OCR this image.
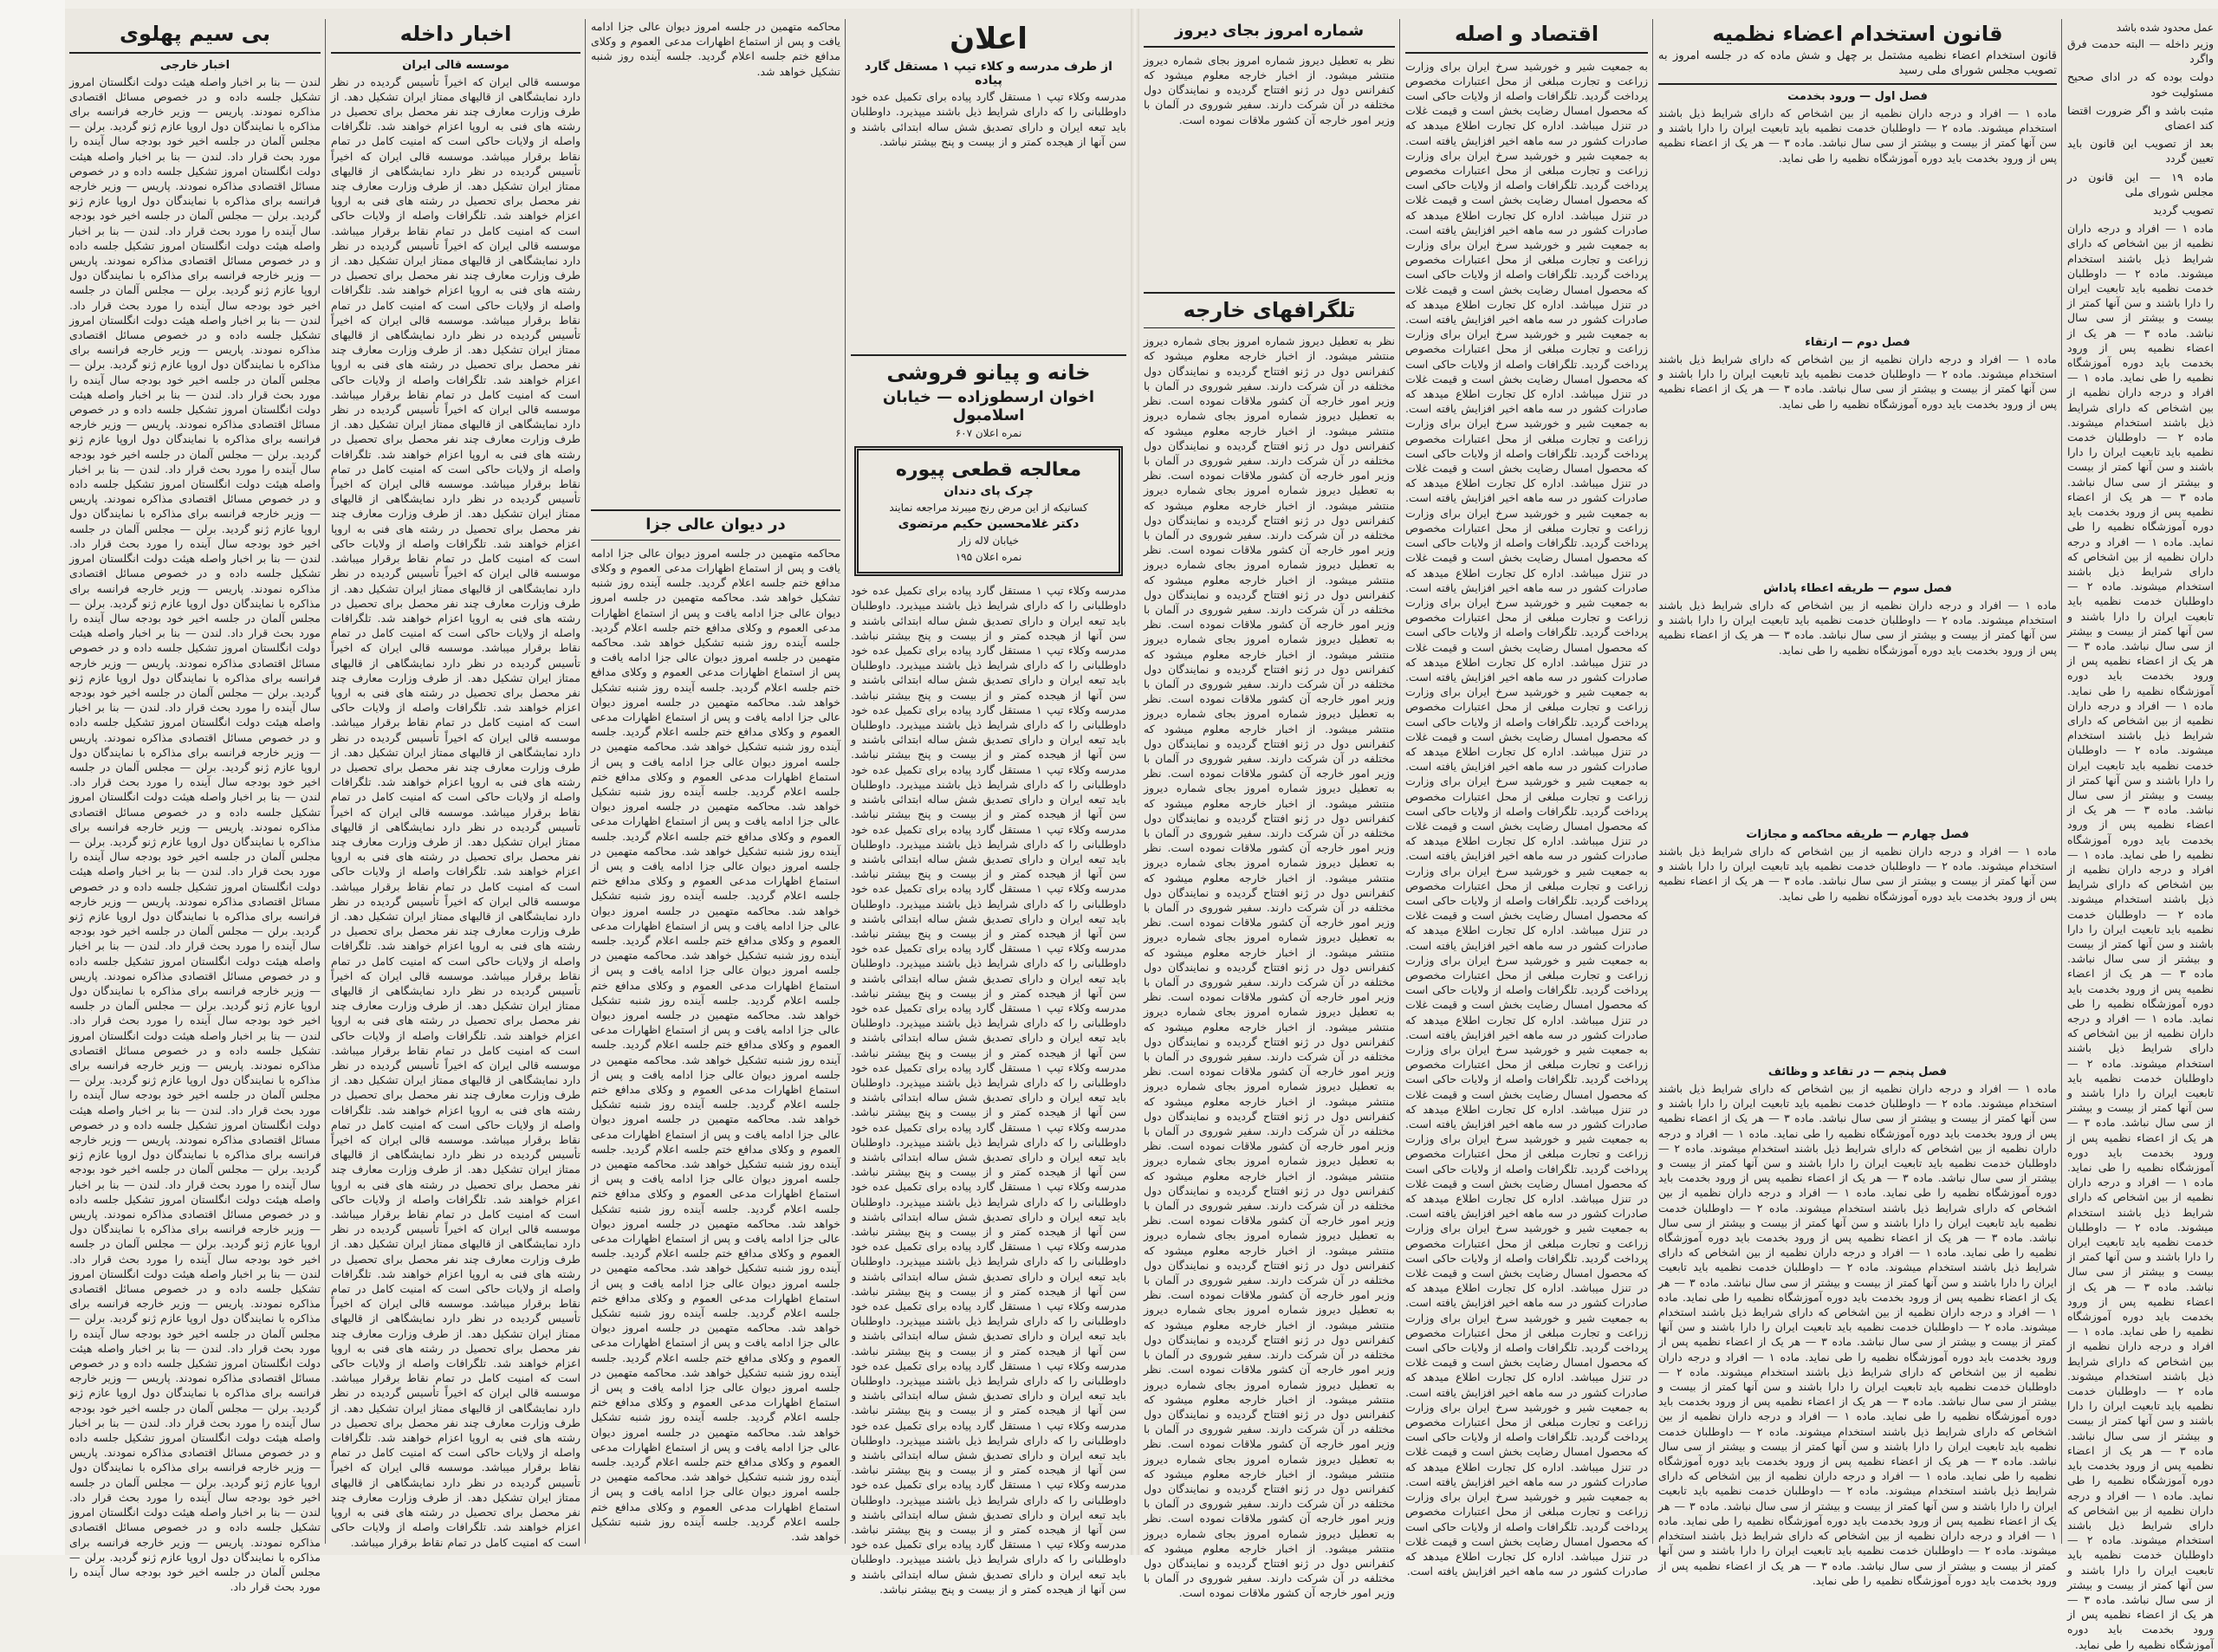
بی سیم پهلوی
اخبار خارجی
لندن — بنا بر اخبار واصله هیئت دولت انگلستان امروز تشکیل جلسه داده و در خصوص مسائل اقتصادی مذاکره نمودند. پاریس — وزیر خارجه فرانسه برای مذاکره با نمایندگان دول اروپا عازم ژنو گردید. برلن — مجلس آلمان در جلسه اخیر خود بودجه سال آینده را مورد بحث قرار داد. لندن — بنا بر اخبار واصله هیئت دولت انگلستان امروز تشکیل جلسه داده و در خصوص مسائل اقتصادی مذاکره نمودند. پاریس — وزیر خارجه فرانسه برای مذاکره با نمایندگان دول اروپا عازم ژنو گردید. برلن — مجلس آلمان در جلسه اخیر خود بودجه سال آینده را مورد بحث قرار داد. لندن — بنا بر اخبار واصله هیئت دولت انگلستان امروز تشکیل جلسه داده و در خصوص مسائل اقتصادی مذاکره نمودند. پاریس — وزیر خارجه فرانسه برای مذاکره با نمایندگان دول اروپا عازم ژنو گردید. برلن — مجلس آلمان در جلسه اخیر خود بودجه سال آینده را مورد بحث قرار داد. لندن — بنا بر اخبار واصله هیئت دولت انگلستان امروز تشکیل جلسه داده و در خصوص مسائل اقتصادی مذاکره نمودند. پاریس — وزیر خارجه فرانسه برای مذاکره با نمایندگان دول اروپا عازم ژنو گردید. برلن — مجلس آلمان در جلسه اخیر خود بودجه سال آینده را مورد بحث قرار داد. لندن — بنا بر اخبار واصله هیئت دولت انگلستان امروز تشکیل جلسه داده و در خصوص مسائل اقتصادی مذاکره نمودند. پاریس — وزیر خارجه فرانسه برای مذاکره با نمایندگان دول اروپا عازم ژنو گردید. برلن — مجلس آلمان در جلسه اخیر خود بودجه سال آینده را مورد بحث قرار داد. لندن — بنا بر اخبار واصله هیئت دولت انگلستان امروز تشکیل جلسه داده و در خصوص مسائل اقتصادی مذاکره نمودند. پاریس — وزیر خارجه فرانسه برای مذاکره با نمایندگان دول اروپا عازم ژنو گردید. برلن — مجلس آلمان در جلسه اخیر خود بودجه سال آینده را مورد بحث قرار داد. لندن — بنا بر اخبار واصله هیئت دولت انگلستان امروز تشکیل جلسه داده و در خصوص مسائل اقتصادی مذاکره نمودند. پاریس — وزیر خارجه فرانسه برای مذاکره با نمایندگان دول اروپا عازم ژنو گردید. برلن — مجلس آلمان در جلسه اخیر خود بودجه سال آینده را مورد بحث قرار داد. لندن — بنا بر اخبار واصله هیئت دولت انگلستان امروز تشکیل جلسه داده و در خصوص مسائل اقتصادی مذاکره نمودند. پاریس — وزیر خارجه فرانسه برای مذاکره با نمایندگان دول اروپا عازم ژنو گردید. برلن — مجلس آلمان در جلسه اخیر خود بودجه سال آینده را مورد بحث قرار داد. لندن — بنا بر اخبار واصله هیئت دولت انگلستان امروز تشکیل جلسه داده و در خصوص مسائل اقتصادی مذاکره نمودند. پاریس — وزیر خارجه فرانسه برای مذاکره با نمایندگان دول اروپا عازم ژنو گردید. برلن — مجلس آلمان در جلسه اخیر خود بودجه سال آینده را مورد بحث قرار داد. لندن — بنا بر اخبار واصله هیئت دولت انگلستان امروز تشکیل جلسه داده و در خصوص مسائل اقتصادی مذاکره نمودند. پاریس — وزیر خارجه فرانسه برای مذاکره با نمایندگان دول اروپا عازم ژنو گردید. برلن — مجلس آلمان در جلسه اخیر خود بودجه سال آینده را مورد بحث قرار داد. لندن — بنا بر اخبار واصله هیئت دولت انگلستان امروز تشکیل جلسه داده و در خصوص مسائل اقتصادی مذاکره نمودند. پاریس — وزیر خارجه فرانسه برای مذاکره با نمایندگان دول اروپا عازم ژنو گردید. برلن — مجلس آلمان در جلسه اخیر خود بودجه سال آینده را مورد بحث قرار داد. لندن — بنا بر اخبار واصله هیئت دولت انگلستان امروز تشکیل جلسه داده و در خصوص مسائل اقتصادی مذاکره نمودند. پاریس — وزیر خارجه فرانسه برای مذاکره با نمایندگان دول اروپا عازم ژنو گردید. برلن — مجلس آلمان در جلسه اخیر خود بودجه سال آینده را مورد بحث قرار داد. لندن — بنا بر اخبار واصله هیئت دولت انگلستان امروز تشکیل جلسه داده و در خصوص مسائل اقتصادی مذاکره نمودند. پاریس — وزیر خارجه فرانسه برای مذاکره با نمایندگان دول اروپا عازم ژنو گردید. برلن — مجلس آلمان در جلسه اخیر خود بودجه سال آینده را مورد بحث قرار داد. لندن — بنا بر اخبار واصله هیئت دولت انگلستان امروز تشکیل جلسه داده و در خصوص مسائل اقتصادی مذاکره نمودند. پاریس — وزیر خارجه فرانسه برای مذاکره با نمایندگان دول اروپا عازم ژنو گردید. برلن — مجلس آلمان در جلسه اخیر خود بودجه سال آینده را مورد بحث قرار داد. لندن — بنا بر اخبار واصله هیئت دولت انگلستان امروز تشکیل جلسه داده و در خصوص مسائل اقتصادی مذاکره نمودند. پاریس — وزیر خارجه فرانسه برای مذاکره با نمایندگان دول اروپا عازم ژنو گردید. برلن — مجلس آلمان در جلسه اخیر خود بودجه سال آینده را مورد بحث قرار داد. لندن — بنا بر اخبار واصله هیئت دولت انگلستان امروز تشکیل جلسه داده و در خصوص مسائل اقتصادی مذاکره نمودند. پاریس — وزیر خارجه فرانسه برای مذاکره با نمایندگان دول اروپا عازم ژنو گردید. برلن — مجلس آلمان در جلسه اخیر خود بودجه سال آینده را مورد بحث قرار داد. لندن — بنا بر اخبار واصله هیئت دولت انگلستان امروز تشکیل جلسه داده و در خصوص مسائل اقتصادی مذاکره نمودند. پاریس — وزیر خارجه فرانسه برای مذاکره با نمایندگان دول اروپا عازم ژنو گردید. برلن — مجلس آلمان در جلسه اخیر خود بودجه سال آینده را مورد بحث قرار داد. لندن — بنا بر اخبار واصله هیئت دولت انگلستان امروز تشکیل جلسه داده و در خصوص مسائل اقتصادی مذاکره نمودند. پاریس — وزیر خارجه فرانسه برای مذاکره با نمایندگان دول اروپا عازم ژنو گردید. برلن — مجلس آلمان در جلسه اخیر خود بودجه سال آینده را مورد بحث قرار داد. لندن — بنا بر اخبار واصله هیئت دولت انگلستان امروز تشکیل جلسه داده و در خصوص مسائل اقتصادی مذاکره نمودند. پاریس — وزیر خارجه فرانسه برای مذاکره با نمایندگان دول اروپا عازم ژنو گردید. برلن — مجلس آلمان در جلسه اخیر خود بودجه سال آینده را مورد بحث قرار داد.
اخبار داخله
موسسه قالی ایران
موسسه قالی ایران که اخیراً تأسیس گردیده در نظر دارد نمایشگاهی از قالیهای ممتاز ایران تشکیل دهد. از طرف وزارت معارف چند نفر محصل برای تحصیل در رشته های فنی به اروپا اعزام خواهند شد. تلگرافات واصله از ولایات حاکی است که امنیت کامل در تمام نقاط برقرار میباشد. موسسه قالی ایران که اخیراً تأسیس گردیده در نظر دارد نمایشگاهی از قالیهای ممتاز ایران تشکیل دهد. از طرف وزارت معارف چند نفر محصل برای تحصیل در رشته های فنی به اروپا اعزام خواهند شد. تلگرافات واصله از ولایات حاکی است که امنیت کامل در تمام نقاط برقرار میباشد. موسسه قالی ایران که اخیراً تأسیس گردیده در نظر دارد نمایشگاهی از قالیهای ممتاز ایران تشکیل دهد. از طرف وزارت معارف چند نفر محصل برای تحصیل در رشته های فنی به اروپا اعزام خواهند شد. تلگرافات واصله از ولایات حاکی است که امنیت کامل در تمام نقاط برقرار میباشد. موسسه قالی ایران که اخیراً تأسیس گردیده در نظر دارد نمایشگاهی از قالیهای ممتاز ایران تشکیل دهد. از طرف وزارت معارف چند نفر محصل برای تحصیل در رشته های فنی به اروپا اعزام خواهند شد. تلگرافات واصله از ولایات حاکی است که امنیت کامل در تمام نقاط برقرار میباشد. موسسه قالی ایران که اخیراً تأسیس گردیده در نظر دارد نمایشگاهی از قالیهای ممتاز ایران تشکیل دهد. از طرف وزارت معارف چند نفر محصل برای تحصیل در رشته های فنی به اروپا اعزام خواهند شد. تلگرافات واصله از ولایات حاکی است که امنیت کامل در تمام نقاط برقرار میباشد. موسسه قالی ایران که اخیراً تأسیس گردیده در نظر دارد نمایشگاهی از قالیهای ممتاز ایران تشکیل دهد. از طرف وزارت معارف چند نفر محصل برای تحصیل در رشته های فنی به اروپا اعزام خواهند شد. تلگرافات واصله از ولایات حاکی است که امنیت کامل در تمام نقاط برقرار میباشد. موسسه قالی ایران که اخیراً تأسیس گردیده در نظر دارد نمایشگاهی از قالیهای ممتاز ایران تشکیل دهد. از طرف وزارت معارف چند نفر محصل برای تحصیل در رشته های فنی به اروپا اعزام خواهند شد. تلگرافات واصله از ولایات حاکی است که امنیت کامل در تمام نقاط برقرار میباشد. موسسه قالی ایران که اخیراً تأسیس گردیده در نظر دارد نمایشگاهی از قالیهای ممتاز ایران تشکیل دهد. از طرف وزارت معارف چند نفر محصل برای تحصیل در رشته های فنی به اروپا اعزام خواهند شد. تلگرافات واصله از ولایات حاکی است که امنیت کامل در تمام نقاط برقرار میباشد. موسسه قالی ایران که اخیراً تأسیس گردیده در نظر دارد نمایشگاهی از قالیهای ممتاز ایران تشکیل دهد. از طرف وزارت معارف چند نفر محصل برای تحصیل در رشته های فنی به اروپا اعزام خواهند شد. تلگرافات واصله از ولایات حاکی است که امنیت کامل در تمام نقاط برقرار میباشد. موسسه قالی ایران که اخیراً تأسیس گردیده در نظر دارد نمایشگاهی از قالیهای ممتاز ایران تشکیل دهد. از طرف وزارت معارف چند نفر محصل برای تحصیل در رشته های فنی به اروپا اعزام خواهند شد. تلگرافات واصله از ولایات حاکی است که امنیت کامل در تمام نقاط برقرار میباشد. موسسه قالی ایران که اخیراً تأسیس گردیده در نظر دارد نمایشگاهی از قالیهای ممتاز ایران تشکیل دهد. از طرف وزارت معارف چند نفر محصل برای تحصیل در رشته های فنی به اروپا اعزام خواهند شد. تلگرافات واصله از ولایات حاکی است که امنیت کامل در تمام نقاط برقرار میباشد. موسسه قالی ایران که اخیراً تأسیس گردیده در نظر دارد نمایشگاهی از قالیهای ممتاز ایران تشکیل دهد. از طرف وزارت معارف چند نفر محصل برای تحصیل در رشته های فنی به اروپا اعزام خواهند شد. تلگرافات واصله از ولایات حاکی است که امنیت کامل در تمام نقاط برقرار میباشد. موسسه قالی ایران که اخیراً تأسیس گردیده در نظر دارد نمایشگاهی از قالیهای ممتاز ایران تشکیل دهد. از طرف وزارت معارف چند نفر محصل برای تحصیل در رشته های فنی به اروپا اعزام خواهند شد. تلگرافات واصله از ولایات حاکی است که امنیت کامل در تمام نقاط برقرار میباشد. موسسه قالی ایران که اخیراً تأسیس گردیده در نظر دارد نمایشگاهی از قالیهای ممتاز ایران تشکیل دهد. از طرف وزارت معارف چند نفر محصل برای تحصیل در رشته های فنی به اروپا اعزام خواهند شد. تلگرافات واصله از ولایات حاکی است که امنیت کامل در تمام نقاط برقرار میباشد. موسسه قالی ایران که اخیراً تأسیس گردیده در نظر دارد نمایشگاهی از قالیهای ممتاز ایران تشکیل دهد. از طرف وزارت معارف چند نفر محصل برای تحصیل در رشته های فنی به اروپا اعزام خواهند شد. تلگرافات واصله از ولایات حاکی است که امنیت کامل در تمام نقاط برقرار میباشد. موسسه قالی ایران که اخیراً تأسیس گردیده در نظر دارد نمایشگاهی از قالیهای ممتاز ایران تشکیل دهد. از طرف وزارت معارف چند نفر محصل برای تحصیل در رشته های فنی به اروپا اعزام خواهند شد. تلگرافات واصله از ولایات حاکی است که امنیت کامل در تمام نقاط برقرار میباشد. موسسه قالی ایران که اخیراً تأسیس گردیده در نظر دارد نمایشگاهی از قالیهای ممتاز ایران تشکیل دهد. از طرف وزارت معارف چند نفر محصل برای تحصیل در رشته های فنی به اروپا اعزام خواهند شد. تلگرافات واصله از ولایات حاکی است که امنیت کامل در تمام نقاط برقرار میباشد. موسسه قالی ایران که اخیراً تأسیس گردیده در نظر دارد نمایشگاهی از قالیهای ممتاز ایران تشکیل دهد. از طرف وزارت معارف چند نفر محصل برای تحصیل در رشته های فنی به اروپا اعزام خواهند شد. تلگرافات واصله از ولایات حاکی است که امنیت کامل در تمام نقاط برقرار میباشد.
محاکمه متهمین در جلسه امروز دیوان عالی جزا ادامه یافت و پس از استماع اظهارات مدعی العموم و وکلای مدافع ختم جلسه اعلام گردید. جلسه آینده روز شنبه تشکیل خواهد شد.
در دیوان عالی جزا
محاکمه متهمین در جلسه امروز دیوان عالی جزا ادامه یافت و پس از استماع اظهارات مدعی العموم و وکلای مدافع ختم جلسه اعلام گردید. جلسه آینده روز شنبه تشکیل خواهد شد. محاکمه متهمین در جلسه امروز دیوان عالی جزا ادامه یافت و پس از استماع اظهارات مدعی العموم و وکلای مدافع ختم جلسه اعلام گردید. جلسه آینده روز شنبه تشکیل خواهد شد. محاکمه متهمین در جلسه امروز دیوان عالی جزا ادامه یافت و پس از استماع اظهارات مدعی العموم و وکلای مدافع ختم جلسه اعلام گردید. جلسه آینده روز شنبه تشکیل خواهد شد. محاکمه متهمین در جلسه امروز دیوان عالی جزا ادامه یافت و پس از استماع اظهارات مدعی العموم و وکلای مدافع ختم جلسه اعلام گردید. جلسه آینده روز شنبه تشکیل خواهد شد. محاکمه متهمین در جلسه امروز دیوان عالی جزا ادامه یافت و پس از استماع اظهارات مدعی العموم و وکلای مدافع ختم جلسه اعلام گردید. جلسه آینده روز شنبه تشکیل خواهد شد. محاکمه متهمین در جلسه امروز دیوان عالی جزا ادامه یافت و پس از استماع اظهارات مدعی العموم و وکلای مدافع ختم جلسه اعلام گردید. جلسه آینده روز شنبه تشکیل خواهد شد. محاکمه متهمین در جلسه امروز دیوان عالی جزا ادامه یافت و پس از استماع اظهارات مدعی العموم و وکلای مدافع ختم جلسه اعلام گردید. جلسه آینده روز شنبه تشکیل خواهد شد. محاکمه متهمین در جلسه امروز دیوان عالی جزا ادامه یافت و پس از استماع اظهارات مدعی العموم و وکلای مدافع ختم جلسه اعلام گردید. جلسه آینده روز شنبه تشکیل خواهد شد. محاکمه متهمین در جلسه امروز دیوان عالی جزا ادامه یافت و پس از استماع اظهارات مدعی العموم و وکلای مدافع ختم جلسه اعلام گردید. جلسه آینده روز شنبه تشکیل خواهد شد. محاکمه متهمین در جلسه امروز دیوان عالی جزا ادامه یافت و پس از استماع اظهارات مدعی العموم و وکلای مدافع ختم جلسه اعلام گردید. جلسه آینده روز شنبه تشکیل خواهد شد. محاکمه متهمین در جلسه امروز دیوان عالی جزا ادامه یافت و پس از استماع اظهارات مدعی العموم و وکلای مدافع ختم جلسه اعلام گردید. جلسه آینده روز شنبه تشکیل خواهد شد. محاکمه متهمین در جلسه امروز دیوان عالی جزا ادامه یافت و پس از استماع اظهارات مدعی العموم و وکلای مدافع ختم جلسه اعلام گردید. جلسه آینده روز شنبه تشکیل خواهد شد. محاکمه متهمین در جلسه امروز دیوان عالی جزا ادامه یافت و پس از استماع اظهارات مدعی العموم و وکلای مدافع ختم جلسه اعلام گردید. جلسه آینده روز شنبه تشکیل خواهد شد. محاکمه متهمین در جلسه امروز دیوان عالی جزا ادامه یافت و پس از استماع اظهارات مدعی العموم و وکلای مدافع ختم جلسه اعلام گردید. جلسه آینده روز شنبه تشکیل خواهد شد. محاکمه متهمین در جلسه امروز دیوان عالی جزا ادامه یافت و پس از استماع اظهارات مدعی العموم و وکلای مدافع ختم جلسه اعلام گردید. جلسه آینده روز شنبه تشکیل خواهد شد. محاکمه متهمین در جلسه امروز دیوان عالی جزا ادامه یافت و پس از استماع اظهارات مدعی العموم و وکلای مدافع ختم جلسه اعلام گردید. جلسه آینده روز شنبه تشکیل خواهد شد. محاکمه متهمین در جلسه امروز دیوان عالی جزا ادامه یافت و پس از استماع اظهارات مدعی العموم و وکلای مدافع ختم جلسه اعلام گردید. جلسه آینده روز شنبه تشکیل خواهد شد. محاکمه متهمین در جلسه امروز دیوان عالی جزا ادامه یافت و پس از استماع اظهارات مدعی العموم و وکلای مدافع ختم جلسه اعلام گردید. جلسه آینده روز شنبه تشکیل خواهد شد. محاکمه متهمین در جلسه امروز دیوان عالی جزا ادامه یافت و پس از استماع اظهارات مدعی العموم و وکلای مدافع ختم جلسه اعلام گردید. جلسه آینده روز شنبه تشکیل خواهد شد.
اعلان
از طرف مدرسه و کلاء تیپ ۱ مستقل گارد پیاده
مدرسه وکلاء تیپ ۱ مستقل گارد پیاده برای تکمیل عده خود داوطلبانی را که دارای شرایط ذیل باشند میپذیرد. داوطلبان باید تبعه ایران و دارای تصدیق شش ساله ابتدائی باشند و سن آنها از هیجده کمتر و از بیست و پنج بیشتر نباشد.
خانه و پیانو فروشی
اخوان ارسطوزاده — خیابان اسلامبول
نمره اعلان ۶۰۷
معالجه قطعی پیوره
چرک پای دندان
کسانیکه از این مرض رنج میبرند مراجعه نمایند
دکتر غلامحسین حکیم مرتضوی
خیابان لاله زار
نمره اعلان ۱۹۵
مدرسه وکلاء تیپ ۱ مستقل گارد پیاده برای تکمیل عده خود داوطلبانی را که دارای شرایط ذیل باشند میپذیرد. داوطلبان باید تبعه ایران و دارای تصدیق شش ساله ابتدائی باشند و سن آنها از هیجده کمتر و از بیست و پنج بیشتر نباشد. مدرسه وکلاء تیپ ۱ مستقل گارد پیاده برای تکمیل عده خود داوطلبانی را که دارای شرایط ذیل باشند میپذیرد. داوطلبان باید تبعه ایران و دارای تصدیق شش ساله ابتدائی باشند و سن آنها از هیجده کمتر و از بیست و پنج بیشتر نباشد. مدرسه وکلاء تیپ ۱ مستقل گارد پیاده برای تکمیل عده خود داوطلبانی را که دارای شرایط ذیل باشند میپذیرد. داوطلبان باید تبعه ایران و دارای تصدیق شش ساله ابتدائی باشند و سن آنها از هیجده کمتر و از بیست و پنج بیشتر نباشد. مدرسه وکلاء تیپ ۱ مستقل گارد پیاده برای تکمیل عده خود داوطلبانی را که دارای شرایط ذیل باشند میپذیرد. داوطلبان باید تبعه ایران و دارای تصدیق شش ساله ابتدائی باشند و سن آنها از هیجده کمتر و از بیست و پنج بیشتر نباشد. مدرسه وکلاء تیپ ۱ مستقل گارد پیاده برای تکمیل عده خود داوطلبانی را که دارای شرایط ذیل باشند میپذیرد. داوطلبان باید تبعه ایران و دارای تصدیق شش ساله ابتدائی باشند و سن آنها از هیجده کمتر و از بیست و پنج بیشتر نباشد. مدرسه وکلاء تیپ ۱ مستقل گارد پیاده برای تکمیل عده خود داوطلبانی را که دارای شرایط ذیل باشند میپذیرد. داوطلبان باید تبعه ایران و دارای تصدیق شش ساله ابتدائی باشند و سن آنها از هیجده کمتر و از بیست و پنج بیشتر نباشد. مدرسه وکلاء تیپ ۱ مستقل گارد پیاده برای تکمیل عده خود داوطلبانی را که دارای شرایط ذیل باشند میپذیرد. داوطلبان باید تبعه ایران و دارای تصدیق شش ساله ابتدائی باشند و سن آنها از هیجده کمتر و از بیست و پنج بیشتر نباشد. مدرسه وکلاء تیپ ۱ مستقل گارد پیاده برای تکمیل عده خود داوطلبانی را که دارای شرایط ذیل باشند میپذیرد. داوطلبان باید تبعه ایران و دارای تصدیق شش ساله ابتدائی باشند و سن آنها از هیجده کمتر و از بیست و پنج بیشتر نباشد. مدرسه وکلاء تیپ ۱ مستقل گارد پیاده برای تکمیل عده خود داوطلبانی را که دارای شرایط ذیل باشند میپذیرد. داوطلبان باید تبعه ایران و دارای تصدیق شش ساله ابتدائی باشند و سن آنها از هیجده کمتر و از بیست و پنج بیشتر نباشد. مدرسه وکلاء تیپ ۱ مستقل گارد پیاده برای تکمیل عده خود داوطلبانی را که دارای شرایط ذیل باشند میپذیرد. داوطلبان باید تبعه ایران و دارای تصدیق شش ساله ابتدائی باشند و سن آنها از هیجده کمتر و از بیست و پنج بیشتر نباشد. مدرسه وکلاء تیپ ۱ مستقل گارد پیاده برای تکمیل عده خود داوطلبانی را که دارای شرایط ذیل باشند میپذیرد. داوطلبان باید تبعه ایران و دارای تصدیق شش ساله ابتدائی باشند و سن آنها از هیجده کمتر و از بیست و پنج بیشتر نباشد. مدرسه وکلاء تیپ ۱ مستقل گارد پیاده برای تکمیل عده خود داوطلبانی را که دارای شرایط ذیل باشند میپذیرد. داوطلبان باید تبعه ایران و دارای تصدیق شش ساله ابتدائی باشند و سن آنها از هیجده کمتر و از بیست و پنج بیشتر نباشد. مدرسه وکلاء تیپ ۱ مستقل گارد پیاده برای تکمیل عده خود داوطلبانی را که دارای شرایط ذیل باشند میپذیرد. داوطلبان باید تبعه ایران و دارای تصدیق شش ساله ابتدائی باشند و سن آنها از هیجده کمتر و از بیست و پنج بیشتر نباشد. مدرسه وکلاء تیپ ۱ مستقل گارد پیاده برای تکمیل عده خود داوطلبانی را که دارای شرایط ذیل باشند میپذیرد. داوطلبان باید تبعه ایران و دارای تصدیق شش ساله ابتدائی باشند و سن آنها از هیجده کمتر و از بیست و پنج بیشتر نباشد. مدرسه وکلاء تیپ ۱ مستقل گارد پیاده برای تکمیل عده خود داوطلبانی را که دارای شرایط ذیل باشند میپذیرد. داوطلبان باید تبعه ایران و دارای تصدیق شش ساله ابتدائی باشند و سن آنها از هیجده کمتر و از بیست و پنج بیشتر نباشد. مدرسه وکلاء تیپ ۱ مستقل گارد پیاده برای تکمیل عده خود داوطلبانی را که دارای شرایط ذیل باشند میپذیرد. داوطلبان باید تبعه ایران و دارای تصدیق شش ساله ابتدائی باشند و سن آنها از هیجده کمتر و از بیست و پنج بیشتر نباشد. مدرسه وکلاء تیپ ۱ مستقل گارد پیاده برای تکمیل عده خود داوطلبانی را که دارای شرایط ذیل باشند میپذیرد. داوطلبان باید تبعه ایران و دارای تصدیق شش ساله ابتدائی باشند و سن آنها از هیجده کمتر و از بیست و پنج بیشتر نباشد.
شماره امروز بجای دیروز
نظر به تعطیل دیروز شماره امروز بجای شماره دیروز منتشر میشود. از اخبار خارجه معلوم میشود که کنفرانس دول در ژنو افتتاح گردیده و نمایندگان دول مختلفه در آن شرکت دارند. سفیر شوروی در آلمان با وزیر امور خارجه آن کشور ملاقات نموده است.
تلگرافهای خارجه
نظر به تعطیل دیروز شماره امروز بجای شماره دیروز منتشر میشود. از اخبار خارجه معلوم میشود که کنفرانس دول در ژنو افتتاح گردیده و نمایندگان دول مختلفه در آن شرکت دارند. سفیر شوروی در آلمان با وزیر امور خارجه آن کشور ملاقات نموده است. نظر به تعطیل دیروز شماره امروز بجای شماره دیروز منتشر میشود. از اخبار خارجه معلوم میشود که کنفرانس دول در ژنو افتتاح گردیده و نمایندگان دول مختلفه در آن شرکت دارند. سفیر شوروی در آلمان با وزیر امور خارجه آن کشور ملاقات نموده است. نظر به تعطیل دیروز شماره امروز بجای شماره دیروز منتشر میشود. از اخبار خارجه معلوم میشود که کنفرانس دول در ژنو افتتاح گردیده و نمایندگان دول مختلفه در آن شرکت دارند. سفیر شوروی در آلمان با وزیر امور خارجه آن کشور ملاقات نموده است. نظر به تعطیل دیروز شماره امروز بجای شماره دیروز منتشر میشود. از اخبار خارجه معلوم میشود که کنفرانس دول در ژنو افتتاح گردیده و نمایندگان دول مختلفه در آن شرکت دارند. سفیر شوروی در آلمان با وزیر امور خارجه آن کشور ملاقات نموده است. نظر به تعطیل دیروز شماره امروز بجای شماره دیروز منتشر میشود. از اخبار خارجه معلوم میشود که کنفرانس دول در ژنو افتتاح گردیده و نمایندگان دول مختلفه در آن شرکت دارند. سفیر شوروی در آلمان با وزیر امور خارجه آن کشور ملاقات نموده است. نظر به تعطیل دیروز شماره امروز بجای شماره دیروز منتشر میشود. از اخبار خارجه معلوم میشود که کنفرانس دول در ژنو افتتاح گردیده و نمایندگان دول مختلفه در آن شرکت دارند. سفیر شوروی در آلمان با وزیر امور خارجه آن کشور ملاقات نموده است. نظر به تعطیل دیروز شماره امروز بجای شماره دیروز منتشر میشود. از اخبار خارجه معلوم میشود که کنفرانس دول در ژنو افتتاح گردیده و نمایندگان دول مختلفه در آن شرکت دارند. سفیر شوروی در آلمان با وزیر امور خارجه آن کشور ملاقات نموده است. نظر به تعطیل دیروز شماره امروز بجای شماره دیروز منتشر میشود. از اخبار خارجه معلوم میشود که کنفرانس دول در ژنو افتتاح گردیده و نمایندگان دول مختلفه در آن شرکت دارند. سفیر شوروی در آلمان با وزیر امور خارجه آن کشور ملاقات نموده است. نظر به تعطیل دیروز شماره امروز بجای شماره دیروز منتشر میشود. از اخبار خارجه معلوم میشود که کنفرانس دول در ژنو افتتاح گردیده و نمایندگان دول مختلفه در آن شرکت دارند. سفیر شوروی در آلمان با وزیر امور خارجه آن کشور ملاقات نموده است. نظر به تعطیل دیروز شماره امروز بجای شماره دیروز منتشر میشود. از اخبار خارجه معلوم میشود که کنفرانس دول در ژنو افتتاح گردیده و نمایندگان دول مختلفه در آن شرکت دارند. سفیر شوروی در آلمان با وزیر امور خارجه آن کشور ملاقات نموده است. نظر به تعطیل دیروز شماره امروز بجای شماره دیروز منتشر میشود. از اخبار خارجه معلوم میشود که کنفرانس دول در ژنو افتتاح گردیده و نمایندگان دول مختلفه در آن شرکت دارند. سفیر شوروی در آلمان با وزیر امور خارجه آن کشور ملاقات نموده است. نظر به تعطیل دیروز شماره امروز بجای شماره دیروز منتشر میشود. از اخبار خارجه معلوم میشود که کنفرانس دول در ژنو افتتاح گردیده و نمایندگان دول مختلفه در آن شرکت دارند. سفیر شوروی در آلمان با وزیر امور خارجه آن کشور ملاقات نموده است. نظر به تعطیل دیروز شماره امروز بجای شماره دیروز منتشر میشود. از اخبار خارجه معلوم میشود که کنفرانس دول در ژنو افتتاح گردیده و نمایندگان دول مختلفه در آن شرکت دارند. سفیر شوروی در آلمان با وزیر امور خارجه آن کشور ملاقات نموده است. نظر به تعطیل دیروز شماره امروز بجای شماره دیروز منتشر میشود. از اخبار خارجه معلوم میشود که کنفرانس دول در ژنو افتتاح گردیده و نمایندگان دول مختلفه در آن شرکت دارند. سفیر شوروی در آلمان با وزیر امور خارجه آن کشور ملاقات نموده است. نظر به تعطیل دیروز شماره امروز بجای شماره دیروز منتشر میشود. از اخبار خارجه معلوم میشود که کنفرانس دول در ژنو افتتاح گردیده و نمایندگان دول مختلفه در آن شرکت دارند. سفیر شوروی در آلمان با وزیر امور خارجه آن کشور ملاقات نموده است. نظر به تعطیل دیروز شماره امروز بجای شماره دیروز منتشر میشود. از اخبار خارجه معلوم میشود که کنفرانس دول در ژنو افتتاح گردیده و نمایندگان دول مختلفه در آن شرکت دارند. سفیر شوروی در آلمان با وزیر امور خارجه آن کشور ملاقات نموده است. نظر به تعطیل دیروز شماره امروز بجای شماره دیروز منتشر میشود. از اخبار خارجه معلوم میشود که کنفرانس دول در ژنو افتتاح گردیده و نمایندگان دول مختلفه در آن شرکت دارند. سفیر شوروی در آلمان با وزیر امور خارجه آن کشور ملاقات نموده است.
اقتصاد و اصله
به جمعیت شیر و خورشید سرخ ایران برای وزارت زراعت و تجارت مبلغی از محل اعتبارات مخصوص پرداخت گردید. تلگرافات واصله از ولایات حاکی است که محصول امسال رضایت بخش است و قیمت غلات در تنزل میباشد. اداره کل تجارت اطلاع میدهد که صادرات کشور در سه ماهه اخیر افزایش یافته است. به جمعیت شیر و خورشید سرخ ایران برای وزارت زراعت و تجارت مبلغی از محل اعتبارات مخصوص پرداخت گردید. تلگرافات واصله از ولایات حاکی است که محصول امسال رضایت بخش است و قیمت غلات در تنزل میباشد. اداره کل تجارت اطلاع میدهد که صادرات کشور در سه ماهه اخیر افزایش یافته است. به جمعیت شیر و خورشید سرخ ایران برای وزارت زراعت و تجارت مبلغی از محل اعتبارات مخصوص پرداخت گردید. تلگرافات واصله از ولایات حاکی است که محصول امسال رضایت بخش است و قیمت غلات در تنزل میباشد. اداره کل تجارت اطلاع میدهد که صادرات کشور در سه ماهه اخیر افزایش یافته است. به جمعیت شیر و خورشید سرخ ایران برای وزارت زراعت و تجارت مبلغی از محل اعتبارات مخصوص پرداخت گردید. تلگرافات واصله از ولایات حاکی است که محصول امسال رضایت بخش است و قیمت غلات در تنزل میباشد. اداره کل تجارت اطلاع میدهد که صادرات کشور در سه ماهه اخیر افزایش یافته است. به جمعیت شیر و خورشید سرخ ایران برای وزارت زراعت و تجارت مبلغی از محل اعتبارات مخصوص پرداخت گردید. تلگرافات واصله از ولایات حاکی است که محصول امسال رضایت بخش است و قیمت غلات در تنزل میباشد. اداره کل تجارت اطلاع میدهد که صادرات کشور در سه ماهه اخیر افزایش یافته است. به جمعیت شیر و خورشید سرخ ایران برای وزارت زراعت و تجارت مبلغی از محل اعتبارات مخصوص پرداخت گردید. تلگرافات واصله از ولایات حاکی است که محصول امسال رضایت بخش است و قیمت غلات در تنزل میباشد. اداره کل تجارت اطلاع میدهد که صادرات کشور در سه ماهه اخیر افزایش یافته است. به جمعیت شیر و خورشید سرخ ایران برای وزارت زراعت و تجارت مبلغی از محل اعتبارات مخصوص پرداخت گردید. تلگرافات واصله از ولایات حاکی است که محصول امسال رضایت بخش است و قیمت غلات در تنزل میباشد. اداره کل تجارت اطلاع میدهد که صادرات کشور در سه ماهه اخیر افزایش یافته است. به جمعیت شیر و خورشید سرخ ایران برای وزارت زراعت و تجارت مبلغی از محل اعتبارات مخصوص پرداخت گردید. تلگرافات واصله از ولایات حاکی است که محصول امسال رضایت بخش است و قیمت غلات در تنزل میباشد. اداره کل تجارت اطلاع میدهد که صادرات کشور در سه ماهه اخیر افزایش یافته است. به جمعیت شیر و خورشید سرخ ایران برای وزارت زراعت و تجارت مبلغی از محل اعتبارات مخصوص پرداخت گردید. تلگرافات واصله از ولایات حاکی است که محصول امسال رضایت بخش است و قیمت غلات در تنزل میباشد. اداره کل تجارت اطلاع میدهد که صادرات کشور در سه ماهه اخیر افزایش یافته است. به جمعیت شیر و خورشید سرخ ایران برای وزارت زراعت و تجارت مبلغی از محل اعتبارات مخصوص پرداخت گردید. تلگرافات واصله از ولایات حاکی است که محصول امسال رضایت بخش است و قیمت غلات در تنزل میباشد. اداره کل تجارت اطلاع میدهد که صادرات کشور در سه ماهه اخیر افزایش یافته است. به جمعیت شیر و خورشید سرخ ایران برای وزارت زراعت و تجارت مبلغی از محل اعتبارات مخصوص پرداخت گردید. تلگرافات واصله از ولایات حاکی است که محصول امسال رضایت بخش است و قیمت غلات در تنزل میباشد. اداره کل تجارت اطلاع میدهد که صادرات کشور در سه ماهه اخیر افزایش یافته است. به جمعیت شیر و خورشید سرخ ایران برای وزارت زراعت و تجارت مبلغی از محل اعتبارات مخصوص پرداخت گردید. تلگرافات واصله از ولایات حاکی است که محصول امسال رضایت بخش است و قیمت غلات در تنزل میباشد. اداره کل تجارت اطلاع میدهد که صادرات کشور در سه ماهه اخیر افزایش یافته است. به جمعیت شیر و خورشید سرخ ایران برای وزارت زراعت و تجارت مبلغی از محل اعتبارات مخصوص پرداخت گردید. تلگرافات واصله از ولایات حاکی است که محصول امسال رضایت بخش است و قیمت غلات در تنزل میباشد. اداره کل تجارت اطلاع میدهد که صادرات کشور در سه ماهه اخیر افزایش یافته است. به جمعیت شیر و خورشید سرخ ایران برای وزارت زراعت و تجارت مبلغی از محل اعتبارات مخصوص پرداخت گردید. تلگرافات واصله از ولایات حاکی است که محصول امسال رضایت بخش است و قیمت غلات در تنزل میباشد. اداره کل تجارت اطلاع میدهد که صادرات کشور در سه ماهه اخیر افزایش یافته است. به جمعیت شیر و خورشید سرخ ایران برای وزارت زراعت و تجارت مبلغی از محل اعتبارات مخصوص پرداخت گردید. تلگرافات واصله از ولایات حاکی است که محصول امسال رضایت بخش است و قیمت غلات در تنزل میباشد. اداره کل تجارت اطلاع میدهد که صادرات کشور در سه ماهه اخیر افزایش یافته است. به جمعیت شیر و خورشید سرخ ایران برای وزارت زراعت و تجارت مبلغی از محل اعتبارات مخصوص پرداخت گردید. تلگرافات واصله از ولایات حاکی است که محصول امسال رضایت بخش است و قیمت غلات در تنزل میباشد. اداره کل تجارت اطلاع میدهد که صادرات کشور در سه ماهه اخیر افزایش یافته است. به جمعیت شیر و خورشید سرخ ایران برای وزارت زراعت و تجارت مبلغی از محل اعتبارات مخصوص پرداخت گردید. تلگرافات واصله از ولایات حاکی است که محصول امسال رضایت بخش است و قیمت غلات در تنزل میباشد. اداره کل تجارت اطلاع میدهد که صادرات کشور در سه ماهه اخیر افزایش یافته است.
قانون استخدام اعضاء نظمیه
قانون استخدام اعضاء نظمیه مشتمل بر چهل و شش ماده که در جلسه امروز به تصویب مجلس شورای ملی رسید
فصل اول — ورود بخدمت
ماده ۱ — افراد و درجه داران نظمیه از بین اشخاص که دارای شرایط ذیل باشند استخدام میشوند. ماده ۲ — داوطلبان خدمت نظمیه باید تابعیت ایران را دارا باشند و سن آنها کمتر از بیست و بیشتر از سی سال نباشد. ماده ۳ — هر یک از اعضاء نظمیه پس از ورود بخدمت باید دوره آموزشگاه نظمیه را طی نماید.
فصل دوم — ارتقاء
ماده ۱ — افراد و درجه داران نظمیه از بین اشخاص که دارای شرایط ذیل باشند استخدام میشوند. ماده ۲ — داوطلبان خدمت نظمیه باید تابعیت ایران را دارا باشند و سن آنها کمتر از بیست و بیشتر از سی سال نباشد. ماده ۳ — هر یک از اعضاء نظمیه پس از ورود بخدمت باید دوره آموزشگاه نظمیه را طی نماید.
فصل سوم — طریقه اعطاء پاداش
ماده ۱ — افراد و درجه داران نظمیه از بین اشخاص که دارای شرایط ذیل باشند استخدام میشوند. ماده ۲ — داوطلبان خدمت نظمیه باید تابعیت ایران را دارا باشند و سن آنها کمتر از بیست و بیشتر از سی سال نباشد. ماده ۳ — هر یک از اعضاء نظمیه پس از ورود بخدمت باید دوره آموزشگاه نظمیه را طی نماید.
فصل چهارم — طریقه محاکمه و مجازات
ماده ۱ — افراد و درجه داران نظمیه از بین اشخاص که دارای شرایط ذیل باشند استخدام میشوند. ماده ۲ — داوطلبان خدمت نظمیه باید تابعیت ایران را دارا باشند و سن آنها کمتر از بیست و بیشتر از سی سال نباشد. ماده ۳ — هر یک از اعضاء نظمیه پس از ورود بخدمت باید دوره آموزشگاه نظمیه را طی نماید.
فصل پنجم — در تقاعد و وظائف
ماده ۱ — افراد و درجه داران نظمیه از بین اشخاص که دارای شرایط ذیل باشند استخدام میشوند. ماده ۲ — داوطلبان خدمت نظمیه باید تابعیت ایران را دارا باشند و سن آنها کمتر از بیست و بیشتر از سی سال نباشد. ماده ۳ — هر یک از اعضاء نظمیه پس از ورود بخدمت باید دوره آموزشگاه نظمیه را طی نماید. ماده ۱ — افراد و درجه داران نظمیه از بین اشخاص که دارای شرایط ذیل باشند استخدام میشوند. ماده ۲ — داوطلبان خدمت نظمیه باید تابعیت ایران را دارا باشند و سن آنها کمتر از بیست و بیشتر از سی سال نباشد. ماده ۳ — هر یک از اعضاء نظمیه پس از ورود بخدمت باید دوره آموزشگاه نظمیه را طی نماید. ماده ۱ — افراد و درجه داران نظمیه از بین اشخاص که دارای شرایط ذیل باشند استخدام میشوند. ماده ۲ — داوطلبان خدمت نظمیه باید تابعیت ایران را دارا باشند و سن آنها کمتر از بیست و بیشتر از سی سال نباشد. ماده ۳ — هر یک از اعضاء نظمیه پس از ورود بخدمت باید دوره آموزشگاه نظمیه را طی نماید. ماده ۱ — افراد و درجه داران نظمیه از بین اشخاص که دارای شرایط ذیل باشند استخدام میشوند. ماده ۲ — داوطلبان خدمت نظمیه باید تابعیت ایران را دارا باشند و سن آنها کمتر از بیست و بیشتر از سی سال نباشد. ماده ۳ — هر یک از اعضاء نظمیه پس از ورود بخدمت باید دوره آموزشگاه نظمیه را طی نماید. ماده ۱ — افراد و درجه داران نظمیه از بین اشخاص که دارای شرایط ذیل باشند استخدام میشوند. ماده ۲ — داوطلبان خدمت نظمیه باید تابعیت ایران را دارا باشند و سن آنها کمتر از بیست و بیشتر از سی سال نباشد. ماده ۳ — هر یک از اعضاء نظمیه پس از ورود بخدمت باید دوره آموزشگاه نظمیه را طی نماید. ماده ۱ — افراد و درجه داران نظمیه از بین اشخاص که دارای شرایط ذیل باشند استخدام میشوند. ماده ۲ — داوطلبان خدمت نظمیه باید تابعیت ایران را دارا باشند و سن آنها کمتر از بیست و بیشتر از سی سال نباشد. ماده ۳ — هر یک از اعضاء نظمیه پس از ورود بخدمت باید دوره آموزشگاه نظمیه را طی نماید. ماده ۱ — افراد و درجه داران نظمیه از بین اشخاص که دارای شرایط ذیل باشند استخدام میشوند. ماده ۲ — داوطلبان خدمت نظمیه باید تابعیت ایران را دارا باشند و سن آنها کمتر از بیست و بیشتر از سی سال نباشد. ماده ۳ — هر یک از اعضاء نظمیه پس از ورود بخدمت باید دوره آموزشگاه نظمیه را طی نماید. ماده ۱ — افراد و درجه داران نظمیه از بین اشخاص که دارای شرایط ذیل باشند استخدام میشوند. ماده ۲ — داوطلبان خدمت نظمیه باید تابعیت ایران را دارا باشند و سن آنها کمتر از بیست و بیشتر از سی سال نباشد. ماده ۳ — هر یک از اعضاء نظمیه پس از ورود بخدمت باید دوره آموزشگاه نظمیه را طی نماید. ماده ۱ — افراد و درجه داران نظمیه از بین اشخاص که دارای شرایط ذیل باشند استخدام میشوند. ماده ۲ — داوطلبان خدمت نظمیه باید تابعیت ایران را دارا باشند و سن آنها کمتر از بیست و بیشتر از سی سال نباشد. ماده ۳ — هر یک از اعضاء نظمیه پس از ورود بخدمت باید دوره آموزشگاه نظمیه را طی نماید.
عمل محدود شده باشد

وزیر داخله — البته حدمت فرق واگرد

دولت بوده که در ادای صحیح مسئولیت خود

مثبت باشد و اگر ضرورت اقتضا کند اعضای

بعد از تصویب این قانون باید تعیین گردد

ماده ۱۹ — این قانون در مجلس شورای ملی

تصویب گردید

ماده ۱ — افراد و درجه داران نظمیه از بین اشخاص که دارای شرایط ذیل باشند استخدام میشوند. ماده ۲ — داوطلبان خدمت نظمیه باید تابعیت ایران را دارا باشند و سن آنها کمتر از بیست و بیشتر از سی سال نباشد. ماده ۳ — هر یک از اعضاء نظمیه پس از ورود بخدمت باید دوره آموزشگاه نظمیه را طی نماید. ماده ۱ — افراد و درجه داران نظمیه از بین اشخاص که دارای شرایط ذیل باشند استخدام میشوند. ماده ۲ — داوطلبان خدمت نظمیه باید تابعیت ایران را دارا باشند و سن آنها کمتر از بیست و بیشتر از سی سال نباشد. ماده ۳ — هر یک از اعضاء نظمیه پس از ورود بخدمت باید دوره آموزشگاه نظمیه را طی نماید. ماده ۱ — افراد و درجه داران نظمیه از بین اشخاص که دارای شرایط ذیل باشند استخدام میشوند. ماده ۲ — داوطلبان خدمت نظمیه باید تابعیت ایران را دارا باشند و سن آنها کمتر از بیست و بیشتر از سی سال نباشد. ماده ۳ — هر یک از اعضاء نظمیه پس از ورود بخدمت باید دوره آموزشگاه نظمیه را طی نماید. ماده ۱ — افراد و درجه داران نظمیه از بین اشخاص که دارای شرایط ذیل باشند استخدام میشوند. ماده ۲ — داوطلبان خدمت نظمیه باید تابعیت ایران را دارا باشند و سن آنها کمتر از بیست و بیشتر از سی سال نباشد. ماده ۳ — هر یک از اعضاء نظمیه پس از ورود بخدمت باید دوره آموزشگاه نظمیه را طی نماید. ماده ۱ — افراد و درجه داران نظمیه از بین اشخاص که دارای شرایط ذیل باشند استخدام میشوند. ماده ۲ — داوطلبان خدمت نظمیه باید تابعیت ایران را دارا باشند و سن آنها کمتر از بیست و بیشتر از سی سال نباشد. ماده ۳ — هر یک از اعضاء نظمیه پس از ورود بخدمت باید دوره آموزشگاه نظمیه را طی نماید. ماده ۱ — افراد و درجه داران نظمیه از بین اشخاص که دارای شرایط ذیل باشند استخدام میشوند. ماده ۲ — داوطلبان خدمت نظمیه باید تابعیت ایران را دارا باشند و سن آنها کمتر از بیست و بیشتر از سی سال نباشد. ماده ۳ — هر یک از اعضاء نظمیه پس از ورود بخدمت باید دوره آموزشگاه نظمیه را طی نماید. ماده ۱ — افراد و درجه داران نظمیه از بین اشخاص که دارای شرایط ذیل باشند استخدام میشوند. ماده ۲ — داوطلبان خدمت نظمیه باید تابعیت ایران را دارا باشند و سن آنها کمتر از بیست و بیشتر از سی سال نباشد. ماده ۳ — هر یک از اعضاء نظمیه پس از ورود بخدمت باید دوره آموزشگاه نظمیه را طی نماید. ماده ۱ — افراد و درجه داران نظمیه از بین اشخاص که دارای شرایط ذیل باشند استخدام میشوند. ماده ۲ — داوطلبان خدمت نظمیه باید تابعیت ایران را دارا باشند و سن آنها کمتر از بیست و بیشتر از سی سال نباشد. ماده ۳ — هر یک از اعضاء نظمیه پس از ورود بخدمت باید دوره آموزشگاه نظمیه را طی نماید. ماده ۱ — افراد و درجه داران نظمیه از بین اشخاص که دارای شرایط ذیل باشند استخدام میشوند. ماده ۲ — داوطلبان خدمت نظمیه باید تابعیت ایران را دارا باشند و سن آنها کمتر از بیست و بیشتر از سی سال نباشد. ماده ۳ — هر یک از اعضاء نظمیه پس از ورود بخدمت باید دوره آموزشگاه نظمیه را طی نماید.
